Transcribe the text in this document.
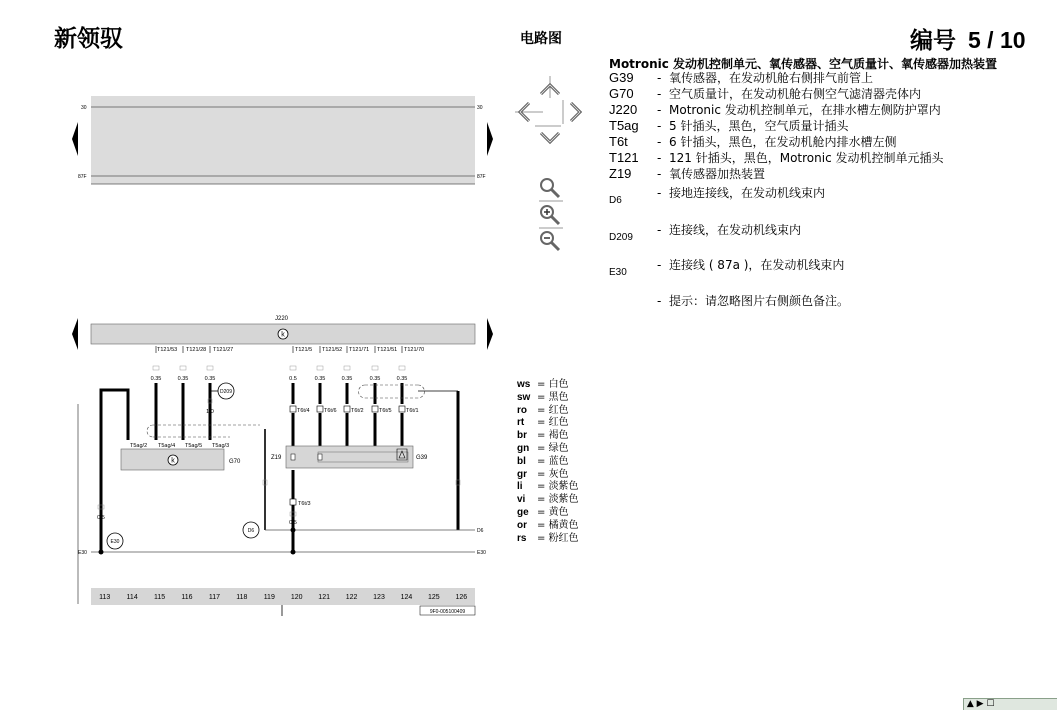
新领驭	电路图	编号 5 / 10
Motronic 发动机控制单元、氧传感器、空气质量计、氧传感器加热装置
G39 - 氧传感器，在发动机舱右侧排气前管上
G70 - 空气质量计，在发动机舱右侧空气滤清器壳体内
J220 - Motronic 发动机控制单元，在排水槽左侧防护罩内
T5ag - 5 针插头，黑色，空气质量计插头
T6t - 6 针插头，黑色，在发动机舱内排水槽左侧
T121 - 121 针插头，黑色，Motronic 发动机控制单元插头
Z19 - 氧传感器加热装置
D6- 接地连接线，在发动机线束内
D209- 连接线，在发动机线束内
E30- 连接线 ( 87a )，在发动机线束内
-  提示：请忽略图片右侧颜色备注。
ws = 白色
sw = 黑色
ro = 红色
rt = 红色
br = 褐色
gn = 绿色
bl = 蓝色
gr = 灰色
li = 淡紫色
vi = 淡紫色
ge = 黄色
or = 橘黄色
rs = 粉红色
30	30
87F	87F
J220
k
T121/53
0.35
T121/28
0.35
T121/27
0.35
T121/5
0.5
T121/52
0.35
T121/71
0.35
T121/51
0.35
T121/70
0.35
D209
1.0
0.5
T5ag/2 T5ag/4 T5ag/5 T5ag/3
k	G70
T6t/4	T6t/6	T6t/2	T6t/5	T6t/1
Z19	G39
T6t/3
0.5
D6
E30	E30
D6
E30
113 114 115 116 117 118 119 120 121 122 123 124 125 126
9F0-005100409
▲ ▶ ☐
